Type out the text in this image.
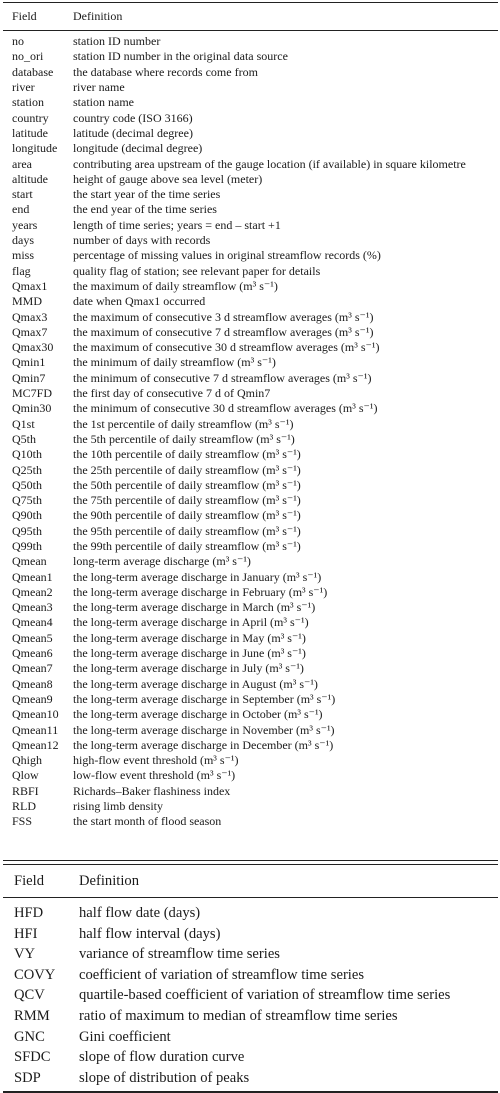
Field	Definition
no	station ID number
no_ori	station ID number in the original data source
database	the database where records come from
river	river name
station	station name
country	country code (ISO 3166)
latitude	latitude (decimal degree)
longitude	longitude (decimal degree)
area	contributing area upstream of the gauge location (if available) in square kilometre
altitude	height of gauge above sea level (meter)
start	the start year of the time series
end	the end year of the time series
years	length of time series; years = end – start +1
days	number of days with records
miss	percentage of missing values in original streamflow records (%)
flag	quality flag of station; see relevant paper for details
Qmax1	the maximum of daily streamflow (m³ s⁻¹)
MMD	date when Qmax1 occurred
Qmax3	the maximum of consecutive 3 d streamflow averages (m³ s⁻¹)
Qmax7	the maximum of consecutive 7 d streamflow averages (m³ s⁻¹)
Qmax30	the maximum of consecutive 30 d streamflow averages (m³ s⁻¹)
Qmin1	the minimum of daily streamflow (m³ s⁻¹)
Qmin7	the minimum of consecutive 7 d streamflow averages (m³ s⁻¹)
MC7FD	the first day of consecutive 7 d of Qmin7
Qmin30	the minimum of consecutive 30 d streamflow averages (m³ s⁻¹)
Q1st	the 1st percentile of daily streamflow (m³ s⁻¹)
Q5th	the 5th percentile of daily streamflow (m³ s⁻¹)
Q10th	the 10th percentile of daily streamflow (m³ s⁻¹)
Q25th	the 25th percentile of daily streamflow (m³ s⁻¹)
Q50th	the 50th percentile of daily streamflow (m³ s⁻¹)
Q75th	the 75th percentile of daily streamflow (m³ s⁻¹)
Q90th	the 90th percentile of daily streamflow (m³ s⁻¹)
Q95th	the 95th percentile of daily streamflow (m³ s⁻¹)
Q99th	the 99th percentile of daily streamflow (m³ s⁻¹)
Qmean	long-term average discharge (m³ s⁻¹)
Qmean1	the long-term average discharge in January (m³ s⁻¹)
Qmean2	the long-term average discharge in February (m³ s⁻¹)
Qmean3	the long-term average discharge in March (m³ s⁻¹)
Qmean4	the long-term average discharge in April (m³ s⁻¹)
Qmean5	the long-term average discharge in May (m³ s⁻¹)
Qmean6	the long-term average discharge in June (m³ s⁻¹)
Qmean7	the long-term average discharge in July (m³ s⁻¹)
Qmean8	the long-term average discharge in August (m³ s⁻¹)
Qmean9	the long-term average discharge in September (m³ s⁻¹)
Qmean10	the long-term average discharge in October (m³ s⁻¹)
Qmean11	the long-term average discharge in November (m³ s⁻¹)
Qmean12	the long-term average discharge in December (m³ s⁻¹)
Qhigh	high-flow event threshold (m³ s⁻¹)
Qlow	low-flow event threshold (m³ s⁻¹)
RBFI	Richards–Baker flashiness index
RLD	rising limb density
FSS	the start month of flood season
Field	Definition
HFD	half flow date (days)
HFI	half flow interval (days)
VY	variance of streamflow time series
COVY	coefficient of variation of streamflow time series
QCV	quartile-based coefficient of variation of streamflow time series
RMM	ratio of maximum to median of streamflow time series
GNC	Gini coefficient
SFDC	slope of flow duration curve
SDP	slope of distribution of peaks
